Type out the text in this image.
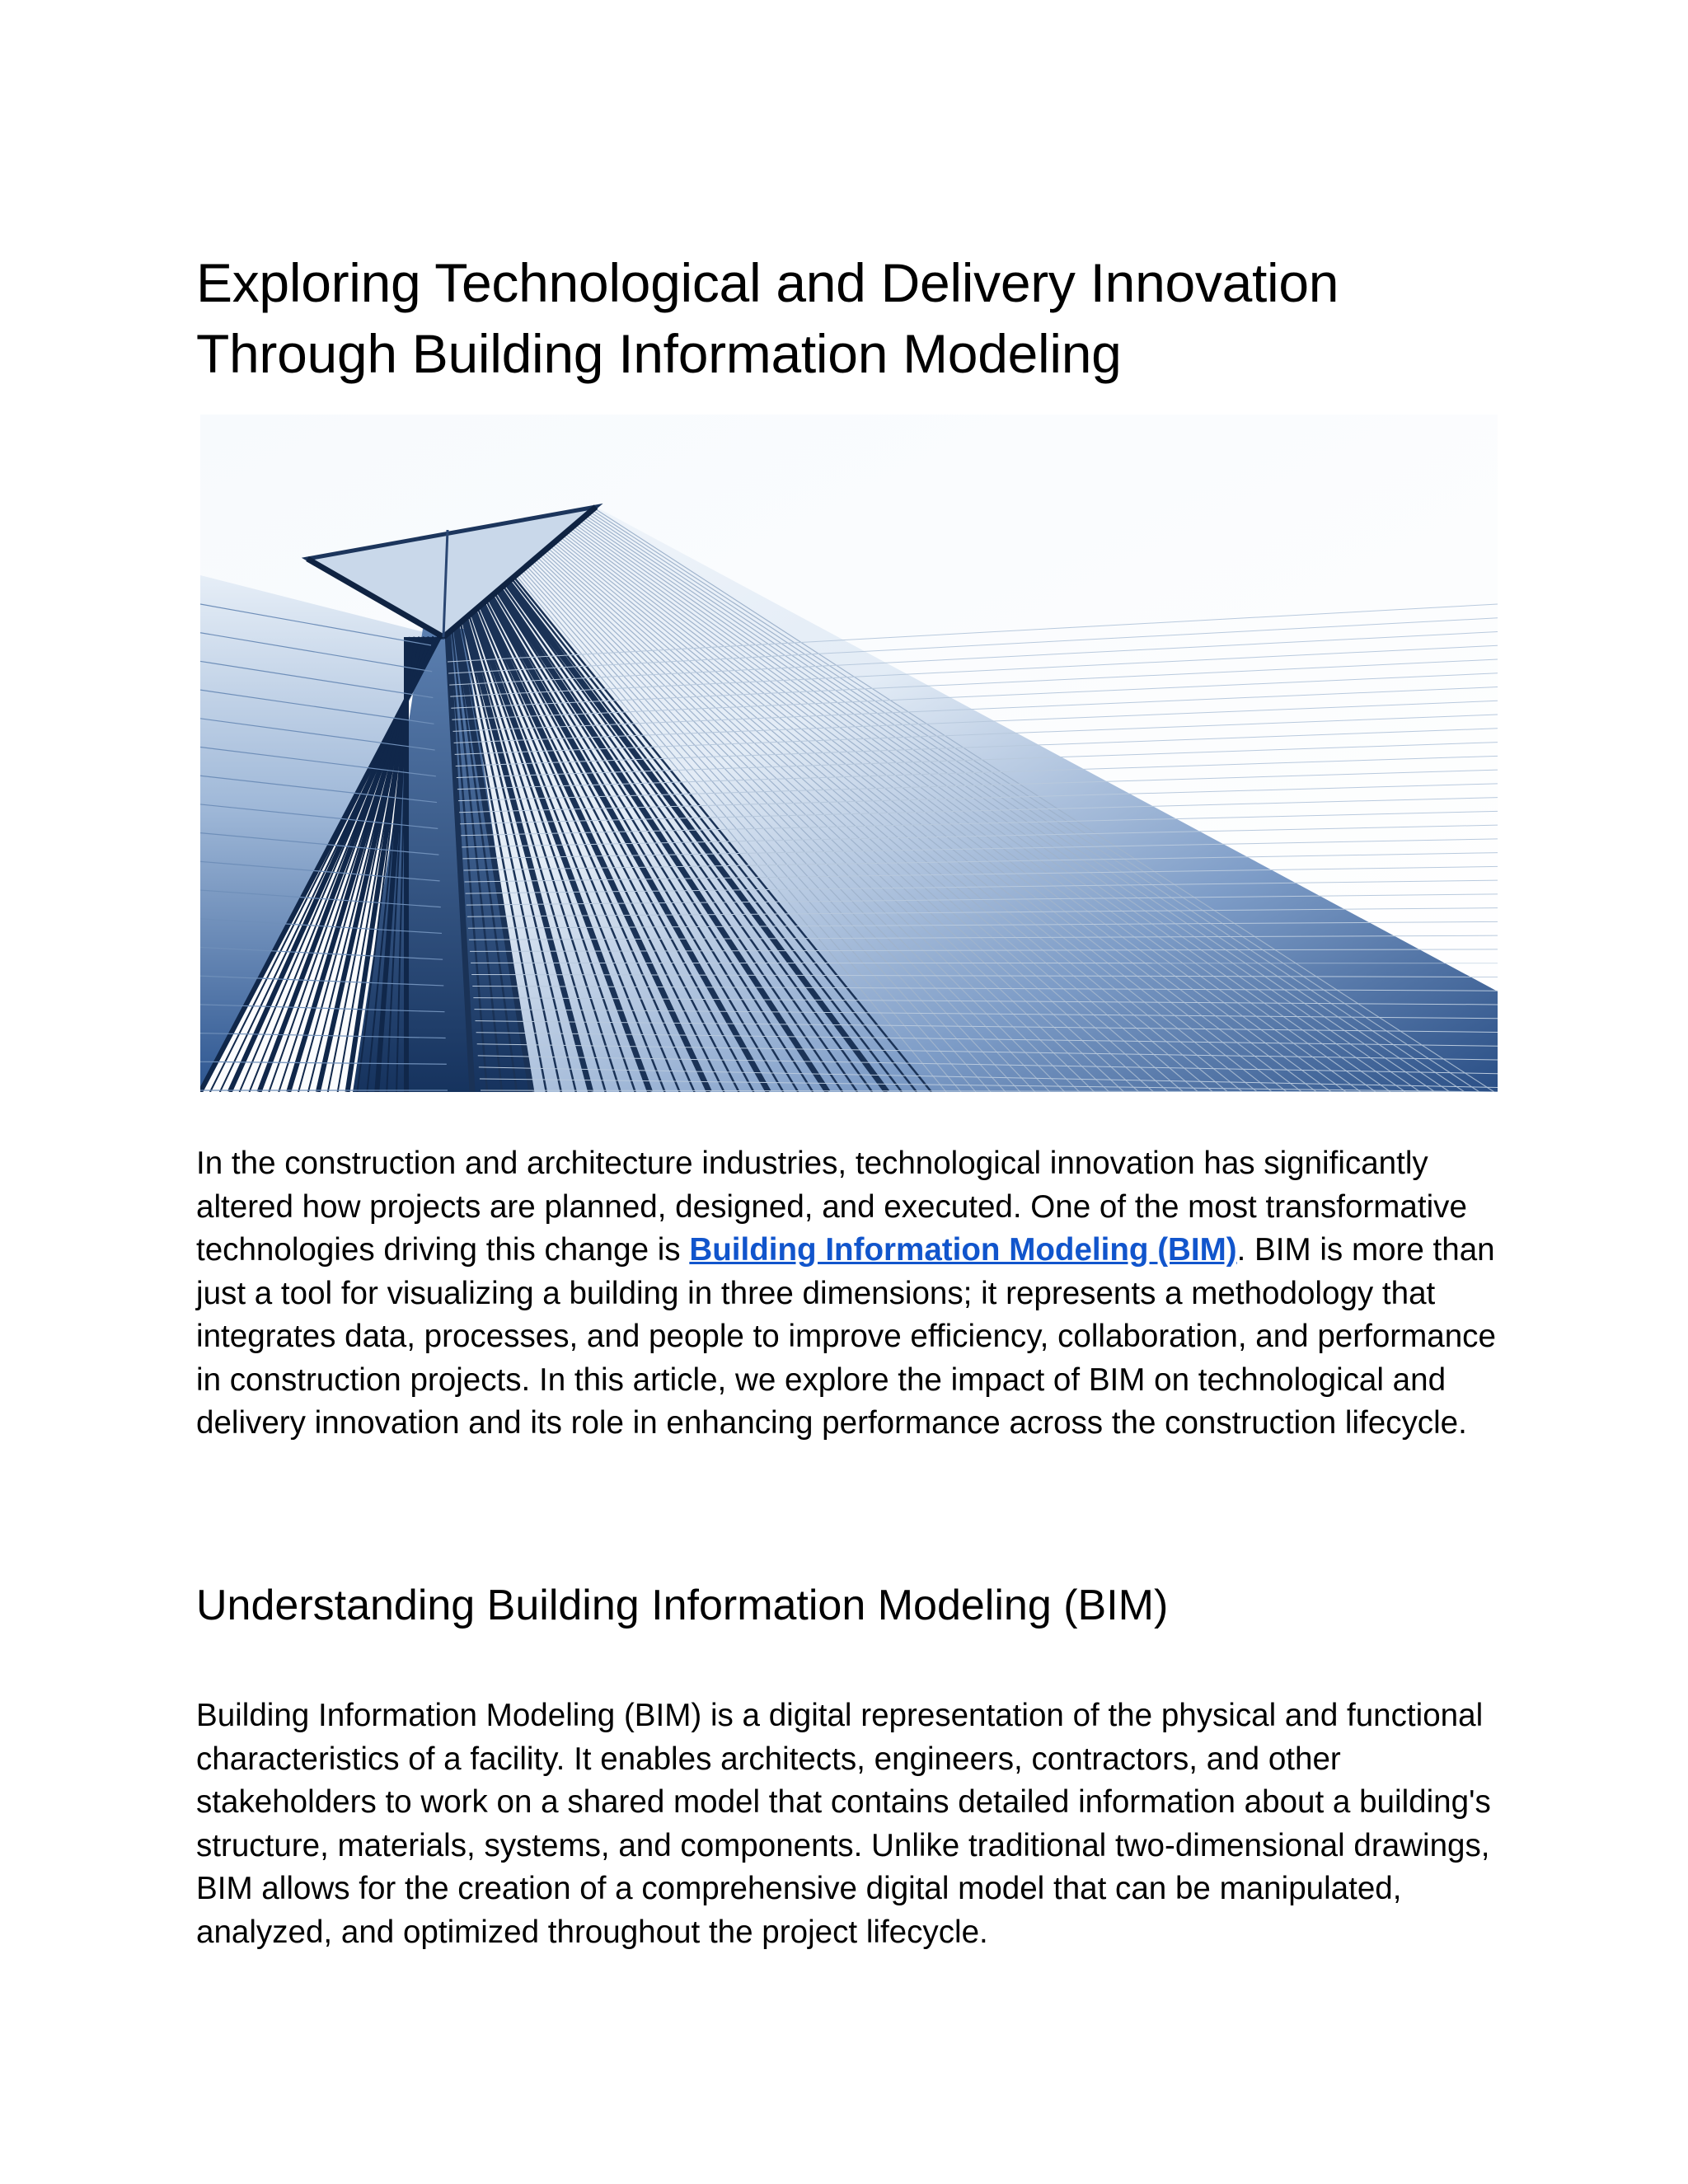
Exploring Technological and Delivery Innovation
Through Building Information Modeling

In the construction and architecture industries, technological innovation has significantly altered how projects are planned, designed, and executed. One of the most transformative technologies driving this change is Building Information Modeling (BIM). BIM is more than just a tool for visualizing a building in three dimensions; it represents a methodology that integrates data, processes, and people to improve efficiency, collaboration, and performance in construction projects. In this article, we explore the impact of BIM on technological and delivery innovation and its role in enhancing performance across the construction lifecycle.

Understanding Building Information Modeling (BIM)

Building Information Modeling (BIM) is a digital representation of the physical and functional characteristics of a facility. It enables architects, engineers, contractors, and other stakeholders to work on a shared model that contains detailed information about a building's structure, materials, systems, and components. Unlike traditional two-dimensional drawings, BIM allows for the creation of a comprehensive digital model that can be manipulated, analyzed, and optimized throughout the project lifecycle.
